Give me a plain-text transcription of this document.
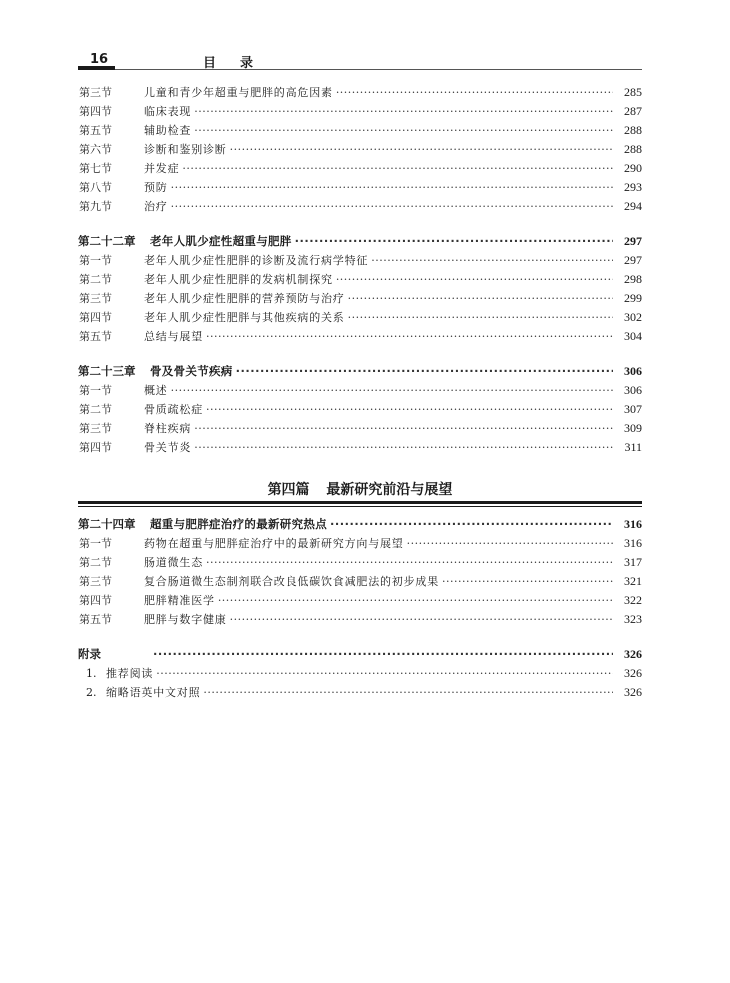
16	目录
第三节	儿童和青少年超重与肥胖的高危因素 ·····	285
第四节	临床表现 ·····	287
第五节	辅助检查 ·····	288
第六节	诊断和鉴别诊断 ·····	288
第七节	并发症 ·····	290
第八节	预防 ·····	293
第九节	治疗 ·····	294
第二十二章	老年人肌少症性超重与肥胖 ·····	297
第一节	老年人肌少症性肥胖的诊断及流行病学特征 ·····	297
第二节	老年人肌少症性肥胖的发病机制探究 ·····	298
第三节	老年人肌少症性肥胖的营养预防与治疗 ·····	299
第四节	老年人肌少症性肥胖与其他疾病的关系 ·····	302
第五节	总结与展望 ·····	304
第二十三章	骨及骨关节疾病 ·····	306
第一节	概述 ·····	306
第二节	骨质疏松症 ·····	307
第三节	脊柱疾病 ·····	309
第四节	骨关节炎 ·····	311
第四篇 最新研究前沿与展望
第二十四章	超重与肥胖症治疗的最新研究热点 ·····	316
第一节	药物在超重与肥胖症治疗中的最新研究方向与展望 ·····	316
第二节	肠道微生态 ·····	317
第三节	复合肠道微生态制剂联合改良低碳饮食减肥法的初步成果 ·····	321
第四节	肥胖精准医学 ·····	322
第五节	肥胖与数字健康 ·····	323
附录 ·····	326
1. 推荐阅读 ·····	326
2. 缩略语英中文对照 ·····	326
